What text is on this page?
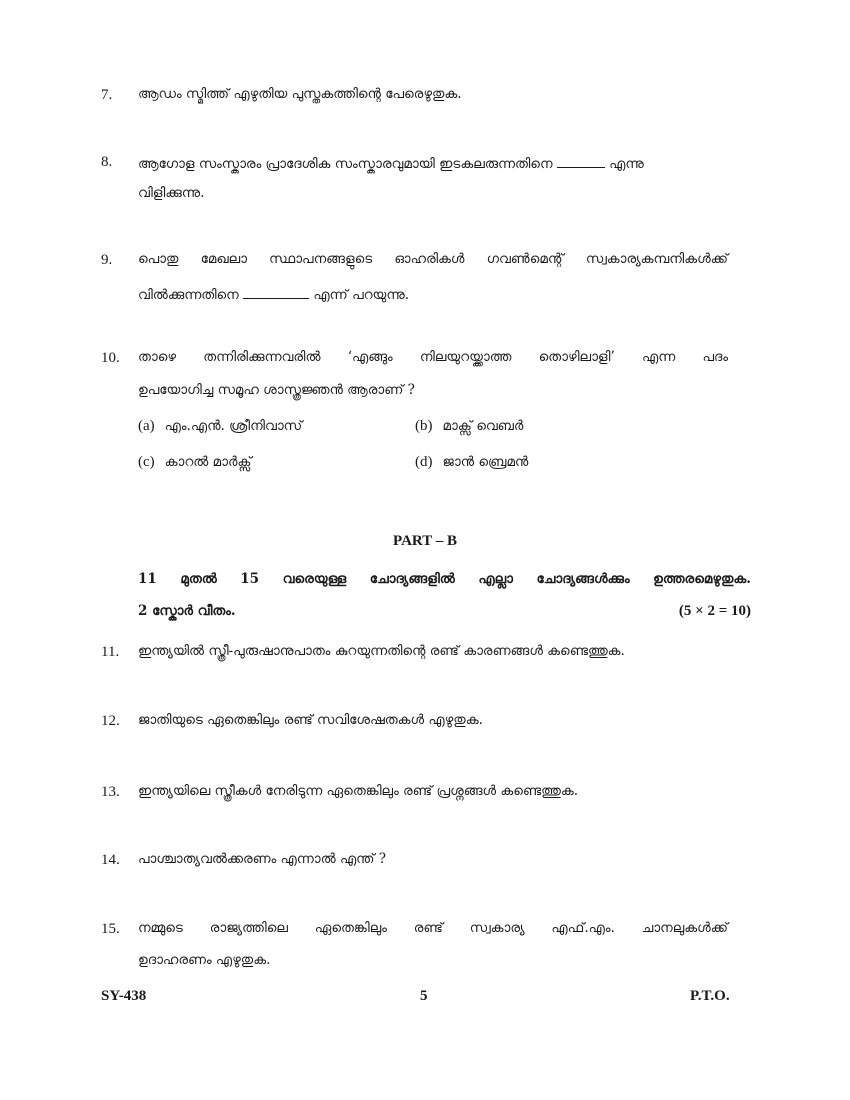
7. ആഡം സ്മിത്ത് എഴുതിയ പുസ്തകത്തിന്റെ പേരെഴുതുക.
8. ആഗോള സംസ്കാരം പ്രാദേശിക സംസ്കാരവുമായി ഇടകലരുന്നതിനെ	എന്നു
വിളിക്കുന്നു.
9. പൊതു മേഖലാ സ്ഥാപനങ്ങളുടെ ഓഹരികൾ ഗവൺമെന്റ് സ്വകാര്യകമ്പനികൾക്ക്
വിൽക്കുന്നതിനെ	എന്ന് പറയുന്നു.
10. താഴെ തന്നിരിക്കുന്നവരിൽ ‘എങ്ങും നിലയുറയ്ക്കാത്ത തൊഴിലാളി’ എന്ന പദം
ഉപയോഗിച്ച സമൂഹ ശാസ്ത്രജ്ഞൻ ആരാണ് ?
(a) എം.എൻ. ശ്രീനിവാസ്	(b) മാക്സ് വെബർ
(c) കാറൽ മാർക്സ്	(d) ജാൻ ബ്രെമൻ
PART – B
11 മുതൽ 15 വരെയുള്ള ചോദ്യങ്ങളിൽ എല്ലാ ചോദ്യങ്ങൾക്കും ഉത്തരമെഴുതുക.
2 സ്കോർ വീതം.	(5 × 2 = 10)
11. ഇന്ത്യയിൽ സ്ത്രീ-പുരുഷാനുപാതം കുറയുന്നതിന്റെ രണ്ട് കാരണങ്ങൾ കണ്ടെത്തുക.
12. ജാതിയുടെ ഏതെങ്കിലും രണ്ട് സവിശേഷതകൾ എഴുതുക.
13. ഇന്ത്യയിലെ സ്ത്രീകൾ നേരിടുന്ന ഏതെങ്കിലും രണ്ട് പ്രശ്നങ്ങൾ കണ്ടെത്തുക.
14. പാശ്ചാത്യവൽക്കരണം എന്നാൽ എന്ത് ?
15. നമ്മുടെ രാജ്യത്തിലെ ഏതെങ്കിലും രണ്ട് സ്വകാര്യ എഫ്.എം. ചാനലുകൾക്ക്
ഉദാഹരണം എഴുതുക.
SY-438	5	P.T.O.
